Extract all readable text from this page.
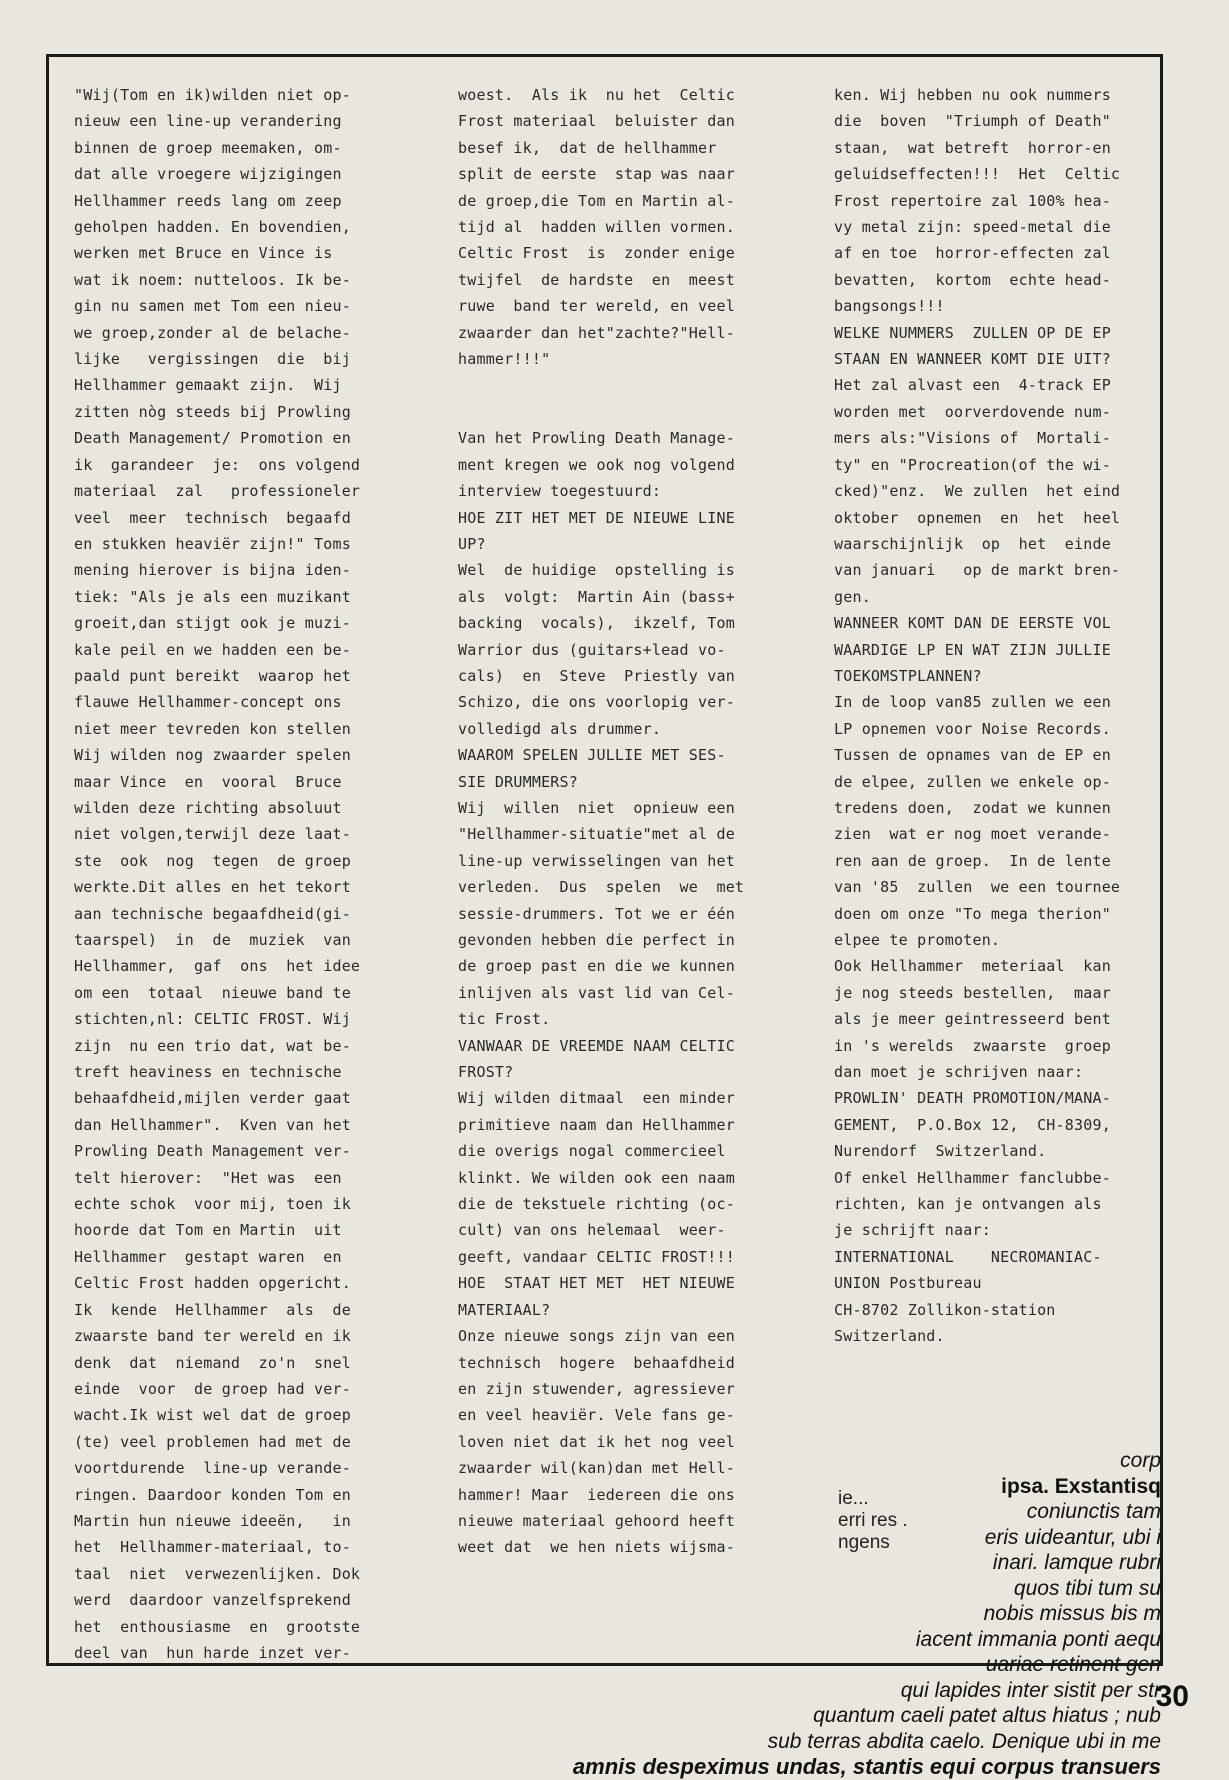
"Wij(Tom en ik)wilden niet op-

nieuw een line-up verandering

binnen de groep meemaken, om-

dat alle vroegere wijzigingen

Hellhammer reeds lang om zeep

geholpen hadden. En bovendien,

werken met Bruce en Vince is

wat ik noem: nutteloos. Ik be-

gin nu samen met Tom een nieu-

we groep,zonder al de belache-

lijke   vergissingen  die  bij

Hellhammer gemaakt zijn.  Wij

zitten nòg steeds bij Prowling

Death Management/ Promotion en

ik  garandeer  je:  ons volgend

materiaal  zal   professioneler

veel  meer  technisch  begaafd

en stukken heaviër zijn!" Toms

mening hierover is bijna iden-

tiek: "Als je als een muzikant

groeit,dan stijgt ook je muzi-

kale peil en we hadden een be-

paald punt bereikt  waarop het

flauwe Hellhammer-concept ons

niet meer tevreden kon stellen

Wij wilden nog zwaarder spelen

maar Vince  en  vooral  Bruce

wilden deze richting absoluut

niet volgen,terwijl deze laat-

ste  ook  nog  tegen  de groep

werkte.Dit alles en het tekort

aan technische begaafdheid(gi-

taarspel)  in  de  muziek  van

Hellhammer,  gaf  ons  het idee

om een  totaal  nieuwe band te

stichten,nl: CELTIC FROST. Wij

zijn  nu een trio dat, wat be-

treft heaviness en technische

behaafdheid,mijlen verder gaat

dan Hellhammer".  Kven van het

Prowling Death Management ver-

telt hierover:  "Het was  een

echte schok  voor mij, toen ik

hoorde dat Tom en Martin  uit

Hellhammer  gestapt waren  en

Celtic Frost hadden opgericht.

Ik  kende  Hellhammer  als  de

zwaarste band ter wereld en ik

denk  dat  niemand  zo'n  snel

einde  voor  de groep had ver-

wacht.Ik wist wel dat de groep

(te) veel problemen had met de

voortdurende  line-up verande-

ringen. Daardoor konden Tom en

Martin hun nieuwe ideeën,   in

het  Hellhammer-materiaal, to-

taal  niet  verwezenlijken. Dok

werd  daardoor vanzelfsprekend

het  enthousiasme  en  grootste

deel van  hun harde inzet ver-

woest.  Als ik  nu het  Celtic

Frost materiaal  beluister dan

besef ik,  dat de hellhammer

split de eerste  stap was naar

de groep,die Tom en Martin al-

tijd al  hadden willen vormen.

Celtic Frost  is  zonder enige

twijfel  de hardste  en  meest

ruwe  band ter wereld, en veel

zwaarder dan het"zachte?"Hell-

hammer!!!"

Van het Prowling Death Manage-

ment kregen we ook nog volgend

interview toegestuurd:

HOE ZIT HET MET DE NIEUWE LINE

UP?

Wel  de huidige  opstelling is

als  volgt:  Martin Ain (bass+

backing  vocals),  ikzelf, Tom

Warrior dus (guitars+lead vo-

cals)  en  Steve  Priestly van

Schizo, die ons voorlopig ver-

volledigd als drummer.

WAAROM SPELEN JULLIE MET SES-

SIE DRUMMERS?

Wij  willen  niet  opnieuw een

"Hellhammer-situatie"met al de

line-up verwisselingen van het

verleden.  Dus  spelen  we  met

sessie-drummers. Tot we er één

gevonden hebben die perfect in

de groep past en die we kunnen

inlijven als vast lid van Cel-

tic Frost.

VANWAAR DE VREEMDE NAAM CELTIC

FROST?

Wij wilden ditmaal  een minder

primitieve naam dan Hellhammer

die overigs nogal commercieel

klinkt. We wilden ook een naam

die de tekstuele richting (oc-

cult) van ons helemaal  weer-

geeft, vandaar CELTIC FROST!!!

HOE  STAAT HET MET  HET NIEUWE

MATERIAAL?

Onze nieuwe songs zijn van een

technisch  hogere  behaafdheid

en zijn stuwender, agressiever

en veel heaviër. Vele fans ge-

loven niet dat ik het nog veel

zwaarder wil(kan)dan met Hell-

hammer! Maar  iedereen die ons

nieuwe materiaal gehoord heeft

weet dat  we hen niets wijsma-

ken. Wij hebben nu ook nummers

die  boven  "Triumph of Death"

staan,  wat betreft  horror-en

geluidseffecten!!!  Het  Celtic

Frost repertoire zal 100% hea-

vy metal zijn: speed-metal die

af en toe  horror-effecten zal

bevatten,  kortom  echte head-

bangsongs!!!

WELKE NUMMERS  ZULLEN OP DE EP

STAAN EN WANNEER KOMT DIE UIT?

Het zal alvast een  4-track EP

worden met  oorverdovende num-

mers als:"Visions of  Mortali-

ty" en "Procreation(of the wi-

cked)"enz.  We zullen  het eind

oktober  opnemen  en  het  heel

waarschijnlijk  op  het  einde

van januari   op de markt bren-

gen.

WANNEER KOMT DAN DE EERSTE VOL

WAARDIGE LP EN WAT ZIJN JULLIE

TOEKOMSTPLANNEN?

In de loop van85 zullen we een

LP opnemen voor Noise Records.

Tussen de opnames van de EP en

de elpee, zullen we enkele op-

tredens doen,  zodat we kunnen

zien  wat er nog moet verande-

ren aan de groep.  In de lente

van '85  zullen  we een tournee

doen om onze "To mega therion"

elpee te promoten.

Ook Hellhammer  meteriaal  kan

je nog steeds bestellen,  maar

als je meer geintresseerd bent

in 's werelds  zwaarste  groep

dan moet je schrijven naar:

PROWLIN' DEATH PROMOTION/MANA-

GEMENT,  P.O.Box 12,  CH-8309,

Nurendorf  Switzerland.

Of enkel Hellhammer fanclubbe-

richten, kan je ontvangen als

je schrijft naar:

INTERNATIONAL    NECROMANIAC-

UNION Postbureau

CH-8702 Zollikon-station

Switzerland.

ie...
erri res .
ngens
corp
ipsa. Exstantisq
coniunctis tam
eris uideantur, ubi i
inari. lamque rubri
quos tibi tum su
nobis missus bis m
iacent immania ponti aequ
uariae retinent gen
qui lapides inter sistit per str
quantum caeli patet altus hiatus ; nub
sub terras abdita caelo. Denique ubi in me
amnis despeximus undas, stantis equi corpus transuers
30
